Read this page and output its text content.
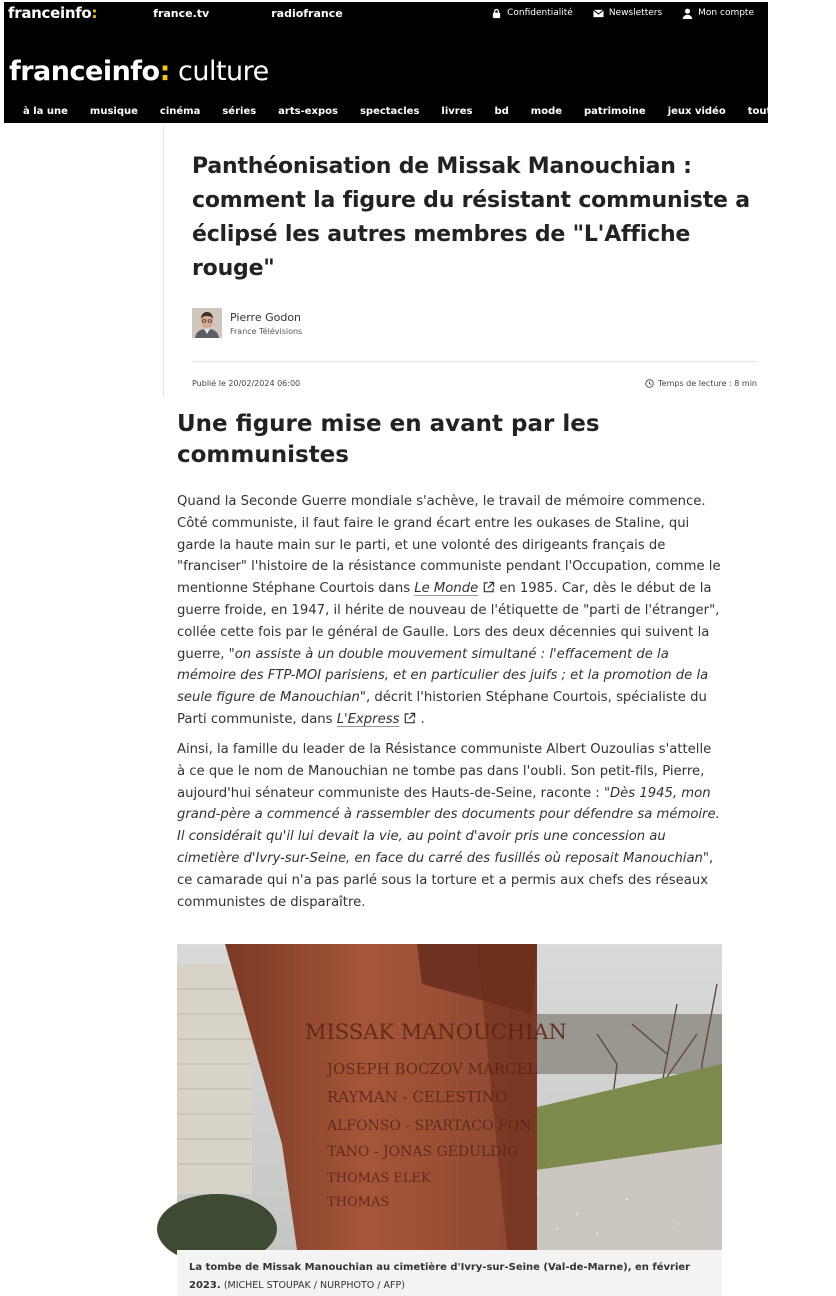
franceinfo:	france.tv	radiofrance	Confidentialité	Newsletters	Mon compte
franceinfo: culture
à la une musique cinéma séries arts-expos spectacles livres bd mode patrimoine jeux vidéo tout franceinfo:
Panthéonisation de Missak Manouchian : comment la figure du résistant communiste a éclipsé les autres membres de "L'Affiche rouge"
Pierre Godon
France Télévisions
Publié le 20/02/2024 06:00	Temps de lecture : 8 min
Une figure mise en avant par les communistes

Quand la Seconde Guerre mondiale s'achève, le travail de mémoire commence. Côté communiste, il faut faire le grand écart entre les oukases de Staline, qui garde la haute main sur le parti, et une volonté des dirigeants français de "franciser" l'histoire de la résistance communiste pendant l'Occupation, comme le mentionne Stéphane Courtois dans Le Monde en 1985. Car, dès le début de la guerre froide, en 1947, il hérite de nouveau de l'étiquette de "parti de l'étranger", collée cette fois par le général de Gaulle. Lors des deux décennies qui suivent la guerre, "on assiste à un double mouvement simultané : l'effacement de la mémoire des FTP-MOI parisiens, et en particulier des juifs ; et la promotion de la seule figure de Manouchian", décrit l'historien Stéphane Courtois, spécialiste du Parti communiste, dans L'Express .

Ainsi, la famille du leader de la Résistance communiste Albert Ouzoulias s'attelle à ce que le nom de Manouchian ne tombe pas dans l'oubli. Son petit-fils, Pierre, aujourd'hui sénateur communiste des Hauts-de-Seine, raconte : "Dès 1945, mon grand-père a commencé à rassembler des documents pour défendre sa mémoire. Il considérait qu'il lui devait la vie, au point d'avoir pris une concession au cimetière d'Ivry-sur-Seine, en face du carré des fusillés où reposait Manouchian", ce camarade qui n'a pas parlé sous la torture et a permis aux chefs des réseaux communistes de disparaître.

MISSAK MANOUCHIAN
JOSEPH BOCZOV MARCEL
RAYMAN - CELESTINO
ALFONSO - SPARTACO FON
TANO - JONAS GEDULDIG
THOMAS ELEK
THOMAS
La tombe de Missak Manouchian au cimetière d'Ivry-sur-Seine (Val-de-Marne), en février 2023. (MICHEL STOUPAK / NURPHOTO / AFP)
